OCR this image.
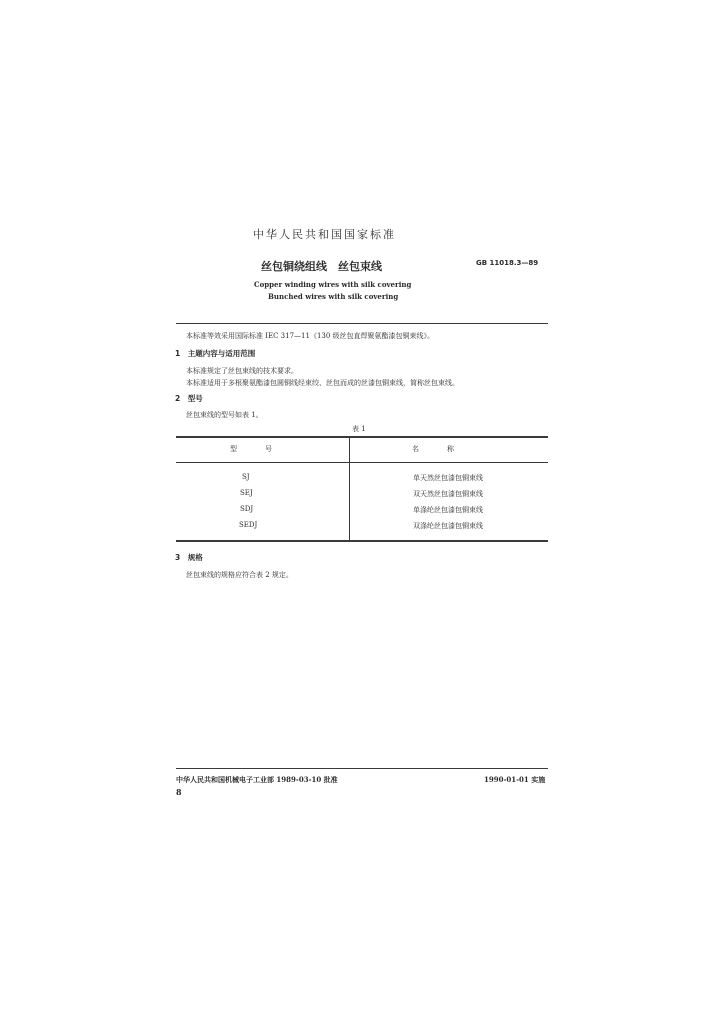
中华人民共和国国家标准
丝包铜绕组线　丝包束线	GB 11018.3—89
Copper winding wires with silk covering
Bunched wires with silk covering
本标准等效采用国际标准 IEC 317—11《130 级丝包直焊聚氨酯漆包铜束线》。
1　主题内容与适用范围
本标准规定了丝包束线的技术要求。
本标准适用于多根聚氨酯漆包圆铜线经束绞、丝包而成的丝漆包铜束线，简称丝包束线。
2　型号
丝包束线的型号如表 1。
表 1
型　　　　号	名　　　　称
SJ	单天然丝包漆包铜束线
SEJ	双天然丝包漆包铜束线
SDJ	单涤纶丝包漆包铜束线
SEDJ	双涤纶丝包漆包铜束线
3　规格
丝包束线的规格应符合表 2 规定。
中华人民共和国机械电子工业部 1989-03-10 批准	1990-01-01 实施
8
